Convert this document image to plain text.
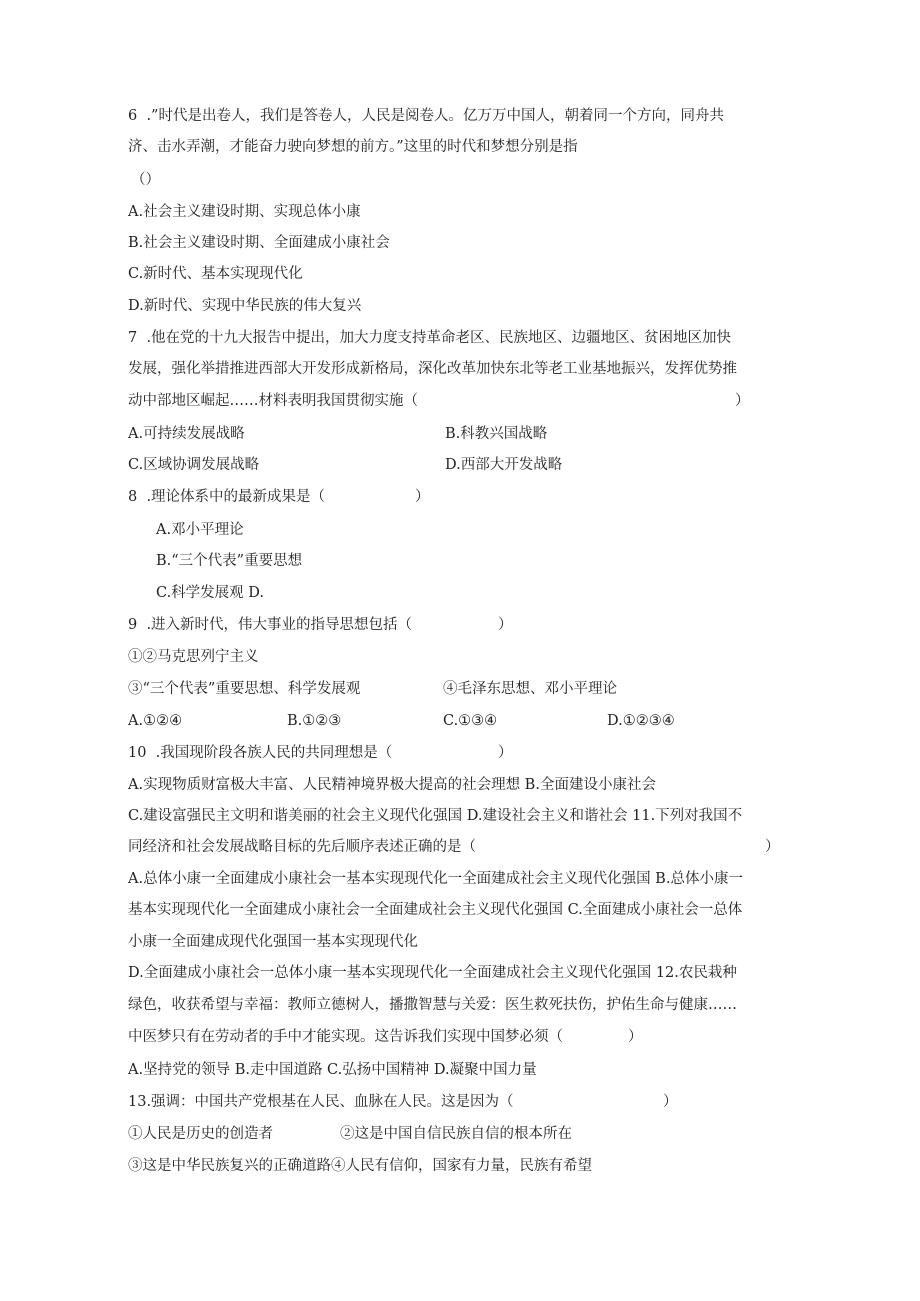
6  .”时代是出卷人，我们是答卷人，人民是阅卷人。亿万万中国人，朝着同一个方向，同舟共
济、击水弄潮，才能奋力驶向梦想的前方。”这里的时代和梦想分别是指
（）
A.社会主义建设时期、实现总体小康
B.社会主义建设时期、全面建成小康社会
C.新时代、基本实现现代化
D.新时代、实现中华民族的伟大复兴
7  .他在党的十九大报告中提出，加大力度支持革命老区、民族地区、边疆地区、贫困地区加快
发展，强化举措推进西部大开发形成新格局，深化改革加快东北等老工业基地振兴，发挥优势推
动中部地区崛起……材料表明我国贯彻实施（	）
A.可持续发展战略	B.科教兴国战略
C.区域协调发展战略	D.西部大开发战略
8  .理论体系中的最新成果是（	）
A.邓小平理论
B.“三个代表”重要思想
C.科学发展观 D.
9  .进入新时代，伟大事业的指导思想包括（	）
①②马克思列宁主义
③“三个代表”重要思想、科学发展观	④毛泽东思想、邓小平理论
A.①②④	B.①②③	C.①③④	D.①②③④
10  .我国现阶段各族人民的共同理想是（	）
A.实现物质财富极大丰富、人民精神境界极大提高的社会理想 B.全面建设小康社会
C.建设富强民主文明和谐美丽的社会主义现代化强国 D.建设社会主义和谐社会 11.下列对我国不
同经济和社会发展战略目标的先后顺序表述正确的是（	）
A.总体小康一全面建成小康社会一基本实现现代化一全面建成社会主义现代化强国 B.总体小康一
基本实现现代化一全面建成小康社会一全面建成社会主义现代化强国 C.全面建成小康社会一总体
小康一全面建成现代化强国一基本实现现代化
D.全面建成小康社会一总体小康一基本实现现代化一全面建成社会主义现代化强国 12.农民栽种
绿色，收获希望与幸福：教师立德树人，播撒智慧与关爱：医生救死扶伤，护佑生命与健康……
中医梦只有在劳动者的手中才能实现。这告诉我们实现中国梦必须（	）
A.坚持党的领导 B.走中国道路 C.弘扬中国精神 D.凝聚中国力量
13.强调：中国共产党根基在人民、血脉在人民。这是因为（	）
①人民是历史的创造者	②这是中国自信民族自信的根本所在
③这是中华民族复兴的正确道路④人民有信仰，国家有力量，民族有希望
